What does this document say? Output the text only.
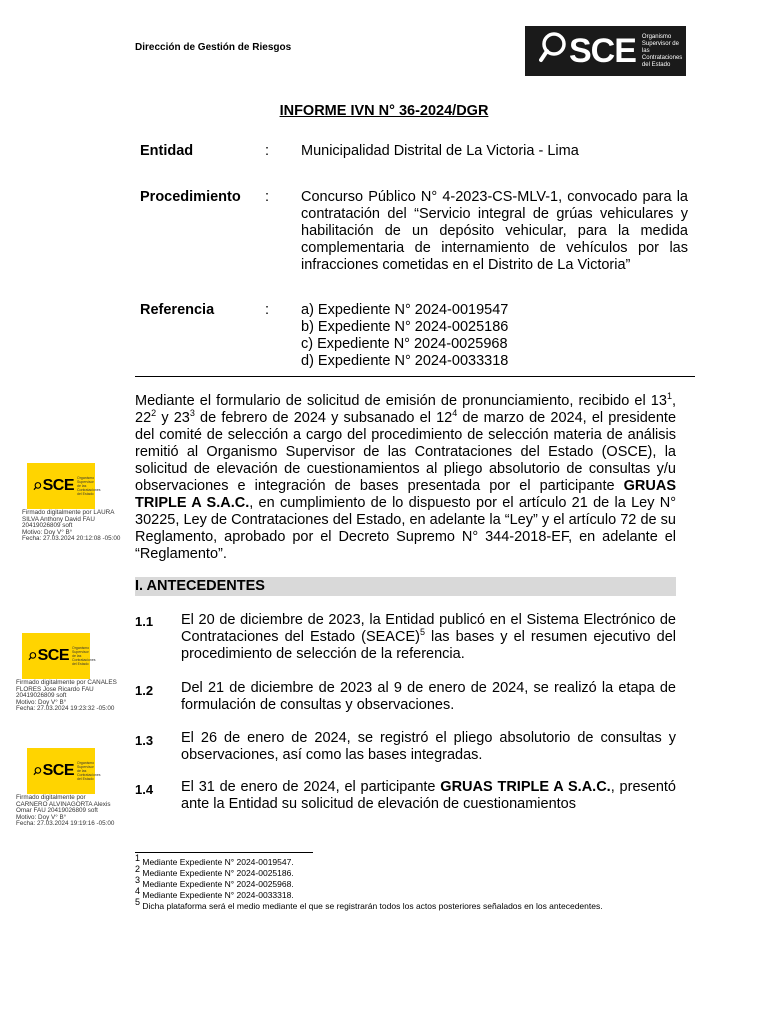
Dirección de Gestión de Riesgos	SCE Organismo Supervisor de las Contrataciones del Estado
INFORME IVN N° 36-2024/DGR
Entidad	: Municipalidad Distrital de La Victoria - Lima
Procedimiento : Concurso Público N° 4-2023-CS-MLV-1, convocado para la contratación del “Servicio integral de grúas vehiculares y habilitación de un depósito vehicular, para la medida complementaria de internamiento de vehículos por las infracciones cometidas en el Distrito de La Victoria”
Referencia	: a) Expediente N° 2024-0019547
b) Expediente N° 2024-0025186
c) Expediente N° 2024-0025968
d) Expediente N° 2024-0033318
Mediante el formulario de solicitud de emisión de pronunciamiento, recibido el $13^1$, $22^2$ y $23^3$ de febrero de 2024 y subsanado el $12^4$ de marzo de 2024, el presidente del comité de selección a cargo del procedimiento de selección materia de análisis remitió al Organismo Supervisor de las Contrataciones del Estado (OSCE), la solicitud de elevación de cuestionamientos al pliego absolutorio de consultas y/u observaciones e integración de bases presentada por el participante GRUAS TRIPLE A S.A.C., en cumplimiento de lo dispuesto por el artículo 21 de la Ley N° 30225, Ley de Contrataciones del Estado, en adelante la “Ley” y el artículo 72 de su Reglamento, aprobado por el Decreto Supremo N° 344-2018-EF, en adelante el “Reglamento”.
I. ANTECEDENTES
1.1 El 20 de diciembre de 2023, la Entidad publicó en el Sistema Electrónico de Contrataciones del Estado (SEACE)$^5$ las bases y el resumen ejecutivo del procedimiento de selección de la referencia.
1.2 Del 21 de diciembre de 2023 al 9 de enero de 2024, se realizó la etapa de formulación de consultas y observaciones.
1.3 El 26 de enero de 2024, se registró el pliego absolutorio de consultas y observaciones, así como las bases integradas.
1.4 El 31 de enero de 2024, el participante GRUAS TRIPLE A S.A.C., presentó ante la Entidad su solicitud de elevación de cuestionamientos
SCE Organismo Supervisor de las Contrataciones del Estado
Firmado digitalmente por LAURA
SILVA Anthony David FAU
20419026809 soft
Motivo: Doy V° B°
Fecha: 27.03.2024 20:12:08 -05:00
SCE Organismo Supervisor de las Contrataciones del Estado
Firmado digitalmente por CANALES
FLORES Jose Ricardo FAU
20419026809 soft
Motivo: Doy V° B°
Fecha: 27.03.2024 19:23:32 -05:00
SCE Organismo Supervisor de las Contrataciones del Estado
Firmado digitalmente por
CARNERO ALVINAGORTA Alexis
Omar FAU 20419026809 soft
Motivo: Doy V° B°
Fecha: 27.03.2024 19:19:16 -05:00
$^1$ Mediante Expediente N° 2024-0019547.
$^2$ Mediante Expediente N° 2024-0025186.
$^3$ Mediante Expediente N° 2024-0025968.
$^4$ Mediante Expediente N° 2024-0033318.
$^5$ Dicha plataforma será el medio mediante el que se registrarán todos los actos posteriores señalados en los antecedentes.
